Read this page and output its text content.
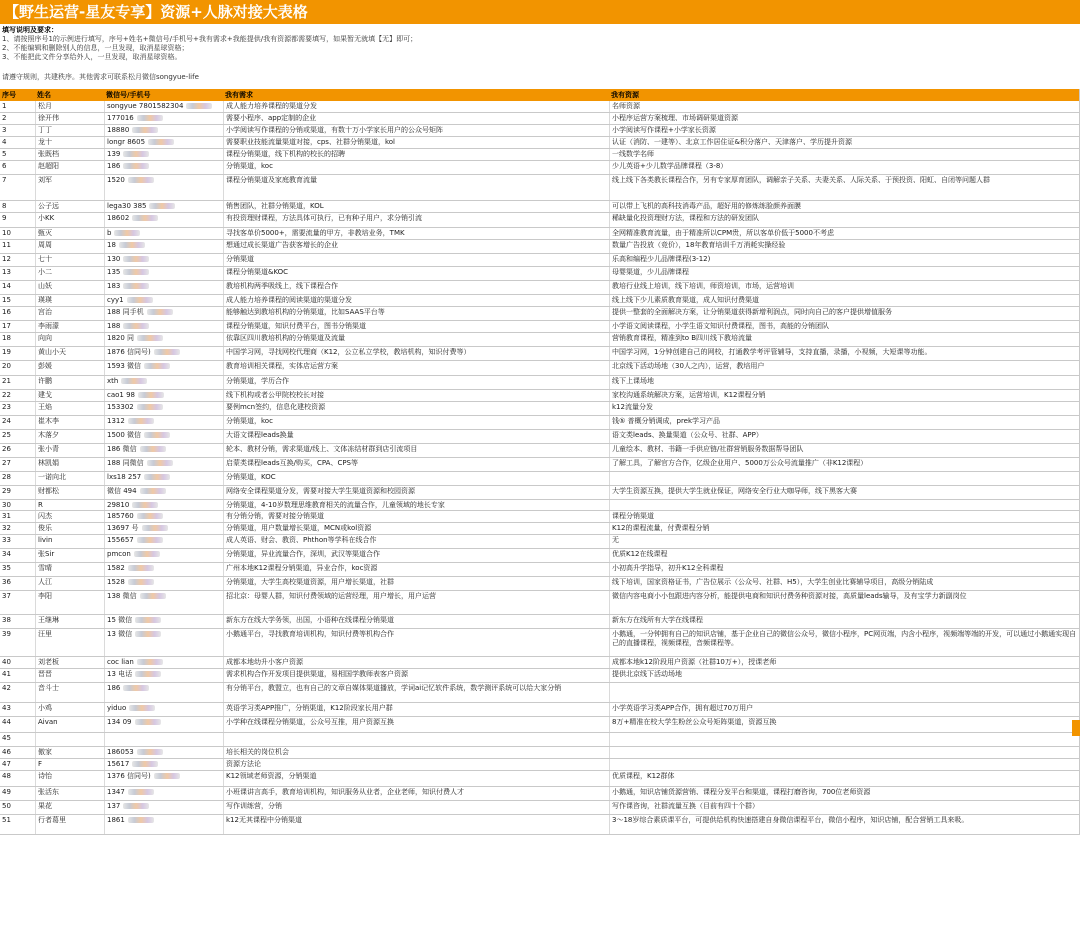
【野生运营-星友专享】资源+人脉对接大表格
填写说明及要求：
1、请按照序号1的示例进行填写，序号+姓名+微信号/手机号+我有需求+我能提供/我有资源都需要填写，如果暂无就填【无】即可；
2、不能编辑和删除别人的信息，一旦发现，取消星球资格；
3、不能把此文件分享给外人，一旦发现，取消星球资格。
请遵守规则，共建秩序。其他需求可联系松月微信songyue-life
序号	姓名	微信号/手机号	我有需求	我有资源
1	松月	songyue 7801582304	成人能力培养课程的渠道分发	名师资源
2	徐开伟	177016	需要小程序、app定制的企业	小程序运营方案梳理、市场调研渠道资源
3	丁丁	18880	小学阅读写作课程的分销或渠道，有数十万小学家长用户的公众号矩阵	小学阅读写作课程+小学家长资源
4	龙十	longr 8605	需要职业技能流量渠道对接，cps、社群分销渠道，kol	认证（消防、一建等）、北京工作居住证&积分落户、天津落户、学历提升资源
5	张既档	139	课程分销渠道，线下机构的校长的招聘	一线数学名师
6	赵超阳	186	分销渠道，koc	少儿英语+少儿数学品牌课程（3-8）
7	刘军	1520	课程分销渠道及家庭教育流量	线上线下各类教长课程合作，另有专家厚育团队，调解亲子关系、夫妻关系、人际关系、于预投资、阳虹、自闭等问题人群
8	公子远	lega30 385	销售团队，社群分销渠道，KOL	可以带上飞机的高科技消毒产品，超好用的修炼练脸颜养面膜
9	小KK	18602	有投资理财课程，方法具体可执行，已有种子用户，求分销引流	稀缺量化投资理财方法，课程和方法的研发团队
10	甄灭	b	寻找客单价5000+，需要流量的甲方，非教培业务，TMK	全网精准教育流量，由于精准所以CPM贵，所以客单价低于5000不考虑
11	周周	18	想通过成长渠道广告获客增长的企业	数量广告投放（竞价），18年教育培训千万消耗实操经验
12	七十	130	分销渠道	乐高和编程少儿品牌课程(3-12)
13	小二	135	课程分销渠道&KOC	母婴渠道，少儿品牌课程
14	山妖	183	教培机构两季吸线上，线下课程合作	教培行业线上培训，线下培训，师资培训，市场，运营培训
15	瑛瑛	cyy1	成人能力培养课程的阅读渠道的渠道分发	线上线下少儿素质教育渠道，成人知识付费渠道
16	宫治	188 同手机	能够触达到教培机构的分销渠道，比如SAAS平台等	提供一整套的全面解决方案，让分销渠道获得新增利润点，同时向自己的客户提供增值服务
17	李雨濛	188	课程分销渠道，知识付费平台，图书分销渠道	小学语文阅读课程，小学生语文知识付费课程，图书，高能的分销团队
18	向向	1820 同	依靠区四川教培机构的分销渠道及流量	营销教育课程，精准到to B四川线下教培流量
19	黄山小天	1876 信同号)	中国学习网，寻找网校代理商（K12，公立私立学校，教培机构，知识付费等）	中国学习网，1分钟创建自己的网校，打通教学考评管辅导，支持直播，录播，小视频，大短课等功能。
20	彭媛	1593 微信	教育培训相关课程，实体店运营方案	北京线下活动场地（30人之内），运营，教培用户
21	许鹏	xth	分销渠道，学历合作	线下上课场地
22	建戈	cao1 98	线下机构或者公甲院校校长对接	家校沟通系统解决方案，运营培训，K12课程分销
23	王焰	153302	要例mcn签约，信息化建校资源	k12流量分发
24	崔木李	1312	分销渠道，koc	钱⑤ 普概分销调成，prek学习产品
25	木落夕	1500 微信	大语文课程leads换量	语文类leads、换量渠道（公众号、社群、APP）
26	张小青	186 微信	轮本、教材分销，需求渠道/线上、文体冻结材群到店引流项目	儿童绘本、教材、书籍一手供应链/社群营销服务数据帮导团队
27	林凯娟	188 同微信	启蒙类课程leads互换/购买，CPA、CPS等	了解工具，了解官方合作，亿级企业用户、5000万公众号流量推广（非K12课程）
28	一诺向北	lxs18 257	分销渠道，KOC
29	财都松	微信 494	网络安全课程渠道分发，需要对接大学生渠道资源和校园资源	大学生资源互换，提供大学生就业保证，网络安全行业大咖导师，线下黑客大赛
30	R	29810	分销渠道，4-10岁数理思维教育相关的流量合作，儿童领域的地长专家
31	闪杰	185760	有分销分销，需要对接分销渠道	课程分销渠道
32	俊乐	13697 号	分销渠道，用户数量增长渠道，MCN或kol资源	K12的课程流量，付费课程分销
33	livin	155657	成人英语、财会、教资、Phthon等学科在线合作	无
34	张Sir	pmcon	分销渠道，异业流量合作，深圳，武汉等渠道合作	优质K12在线课程
35	雪晴	1582	广州本地K12课程分销渠道，异业合作，koc资源	小初高升学指导，初升K12全科课程
36	人江	1528	分销渠道，大学生高校渠道资源，用户增长渠道，社群	线下培训，国家资格证书，广告位展示（公众号、社群、H5），大学生创业比赛辅导项目，高级分销陆成
37	李阳	138 微信	招北京：母婴人群，知识付费领域的运营经理，用户增长，用户运营	微信内容电商小小包跟进内容分析，能提供电商和知识付费务种资源对接，高质量leads输导，及有宝学力新副岗位
38	王继琳	15 微信	新东方在线大学务领，出国，小语种在线课程分销渠道	新东方在线所有大学在线课程
39	汪里	13 微信	小鹅通平台，寻找教育培训机构，知识付费等机构合作	小鹅通，一分钟拥有自己的知识店铺，基于企业自己的微信公众号，微信小程序，PC网页端，内含小程序，视频端等端的开发，可以通过小鹅通实现自己的直播课程，视频课程，音频课程等。
40	刘老板	coc lian	成都本地幼升小客户资源	成都本地k12阶段用户资源（社群10万+），授课老师
41	晋晋	13 电话	需求机构合作开发项目提供渠道，易相国学教师表客户资源	提供北京线下活动场地
42	音斗士	186	有分销平台，教盟立，也有自己的文章自媒体渠道播放，学词ai记忆软件系统，数学测评系统可以给大家分销
43	小鸡	yiduo	英语学习类APP推广，分销渠道，K12阶段家长用户群	小学英语学习类APP合作，拥有超过70万用户
44	Aivan	134 09	小学种在线课程分销渠道，公众号互推，用户资源互换	8万+精准在校大学生粉丝公众号矩阵渠道，资源互换
45
46	傲家	186053	培长相关的岗位机会
47	F	15617	资源方法论
48	诗怡	1376 信同号)	K12领域老师资源，分销渠道	优质课程，K12群体
49	张活东	1347	小班课讲言高手，教育培训机构，知识服务从业者，企业老师，知识付费人才	小鹅通，知识店铺货源营销、课程分发平台和渠道，课程打磨咨询，700位老师资源
50	果花	137	写作训练营，分销	写作课咨询，社群流量互换（目前有四十个群）
51	行者葛里	1861	k12无其课程中分销渠道	3～18岁综合素质课平台，可提供给机构快速搭建自身微信课程平台，微信小程序，知识店铺，配合营销工具来吸。
